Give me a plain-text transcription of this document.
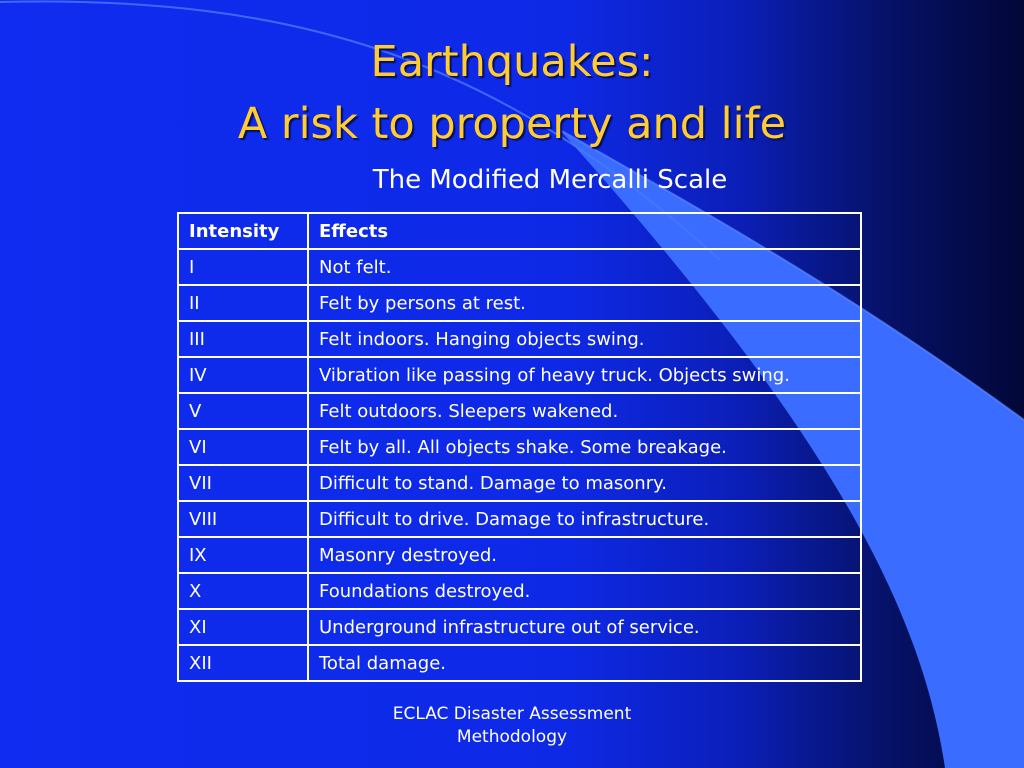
Earthquakes:
A risk to property and life

The Modified Mercalli Scale

Intensity	Effects
I	Not felt.
II	Felt by persons at rest.
III	Felt indoors. Hanging objects swing.
IV	Vibration like passing of heavy truck. Objects swing.
V	Felt outdoors. Sleepers wakened.
VI	Felt by all. All objects shake. Some breakage.
VII	Difficult to stand. Damage to masonry.
VIII	Difficult to drive. Damage to infrastructure.
IX	Masonry destroyed.
X	Foundations destroyed.
XI	Underground infrastructure out of service.
XII	Total damage.

ECLAC Disaster Assessment
Methodology
